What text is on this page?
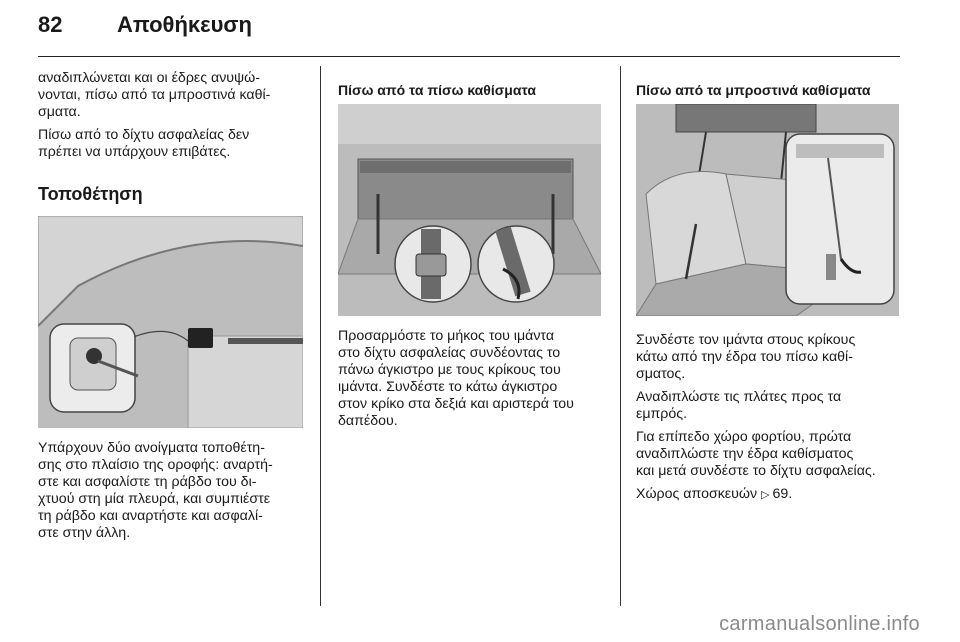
82 Αποθήκευση

αναδιπλώνεται και οι έδρες ανυψώ-
νονται, πίσω από τα μπροστινά καθί-
σματα.

Πίσω από το δίχτυ ασφαλείας δεν
πρέπει να υπάρχουν επιβάτες.

Τοποθέτηση

Υπάρχουν δύο ανοίγματα τοποθέτη-
σης στο πλαίσιο της οροφής: αναρτή-
στε και ασφαλίστε τη ράβδο του δι-
χτυού στη μία πλευρά, και συμπιέστε
τη ράβδο και αναρτήστε και ασφαλί-
στε στην άλλη.

Πίσω από τα πίσω καθίσματα

Προσαρμόστε το μήκος του ιμάντα
στο δίχτυ ασφαλείας συνδέοντας το
πάνω άγκιστρο με τους κρίκους του
ιμάντα. Συνδέστε το κάτω άγκιστρο
στον κρίκο στα δεξιά και αριστερά του
δαπέδου.

Πίσω από τα μπροστινά καθίσματα

Συνδέστε τον ιμάντα στους κρίκους
κάτω από την έδρα του πίσω καθί-
σματος.

Αναδιπλώστε τις πλάτες προς τα
εμπρός.

Για επίπεδο χώρο φορτίου, πρώτα
αναδιπλώστε την έδρα καθίσματος
και μετά συνδέστε το δίχτυ ασφαλείας.

Χώρος αποσκευών ▷ 69.

carmanualsonline.info
